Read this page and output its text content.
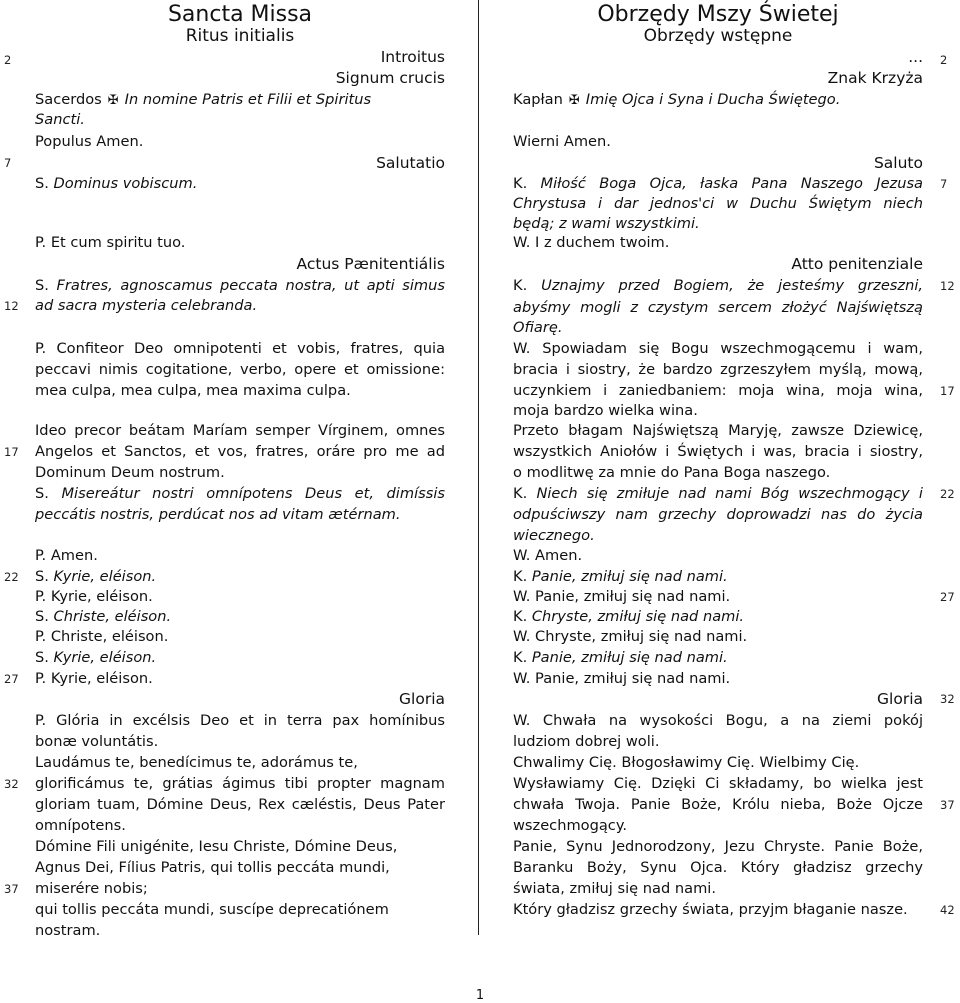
Sancta Missa
Ritus initialis
Introitus
Signum crucis
Sacerdos ✠ In nomine Patris et Filii et Spiritus
Sancti.
Populus Amen.
Salutatio
S. Dominus vobiscum.
P. Et cum spiritu tuo.
Actus Pænitentiális
S. Fratres, agnoscamus peccata nostra, ut apti simus
ad sacra mysteria celebranda.
P. Confiteor Deo omnipotenti et vobis, fratres, quia
peccavi nimis cogitatione, verbo, opere et omissione:
mea culpa, mea culpa, mea maxima culpa.
Ideo precor beátam Maríam semper Vírginem, omnes
Angelos et Sanctos, et vos, fratres, oráre pro me ad
Dominum Deum nostrum.
S. Misereátur nostri omnípotens Deus et, dimíssis
peccátis nostris, perdúcat nos ad vitam ætérnam.
P. Amen.
S. Kyrie, eléison.
P. Kyrie, eléison.
S. Christe, eléison.
P. Christe, eléison.
S. Kyrie, eléison.
P. Kyrie, eléison.
Gloria
P. Glória in excélsis Deo et in terra pax homínibus
bonæ voluntátis.
Laudámus te, benedícimus te, adorámus te,
glorificámus te, grátias ágimus tibi propter magnam
gloriam tuam, Dómine Deus, Rex cæléstis, Deus Pater
omnípotens.
Dómine Fili unigénite, Iesu Christe, Dómine Deus,
Agnus Dei, Fílius Patris, qui tollis peccáta mundi,
miserére nobis;
qui tollis peccáta mundi, suscípe deprecatiónem
nostram.
Obrzędy Mszy Świetej
Obrzędy wstępne
...
Znak Krzyża
Kapłan ✠ Imię Ojca i Syna i Ducha Świętego.
Wierni Amen.
Saluto
K. Miłość Boga Ojca, łaska Pana Naszego Jezusa
Chrystusa i dar jednos'ci w Duchu Świętym niech
będą; z wami wszystkimi.
W. I z duchem twoim.
Atto penitenziale
K. Uznajmy przed Bogiem, że jesteśmy grzeszni,
abyśmy mogli z czystym sercem złożyć Najświętszą
Ofiarę.
W. Spowiadam się Bogu wszechmogącemu i wam,
bracia i siostry, że bardzo zgrzeszyłem myślą, mową,
uczynkiem i zaniedbaniem: moja wina, moja wina,
moja bardzo wielka wina.
Przeto błagam Najświętszą Maryję, zawsze Dziewicę,
wszystkich Aniołów i Świętych i was, bracia i siostry,
o modlitwę za mnie do Pana Boga naszego.
K. Niech się zmiłuje nad nami Bóg wszechmogący i
odpuściwszy nam grzechy doprowadzi nas do życia
wiecznego.
W. Amen.
K. Panie, zmiłuj się nad nami.
W. Panie, zmiłuj się nad nami.
K. Chryste, zmiłuj się nad nami.
W. Chryste, zmiłuj się nad nami.
K. Panie, zmiłuj się nad nami.
W. Panie, zmiłuj się nad nami.
Gloria
W. Chwała na wysokości Bogu, a na ziemi pokój
ludziom dobrej woli.
Chwalimy Cię. Błogosławimy Cię. Wielbimy Cię.
Wysławiamy Cię. Dzięki Ci składamy, bo wielka jest
chwała Twoja. Panie Boże, Królu nieba, Boże Ojcze
wszechmogący.
Panie, Synu Jednorodzony, Jezu Chryste. Panie Boże,
Baranku Boży, Synu Ojca. Który gładzisz grzechy
świata, zmiłuj się nad nami.
Który gładzisz grzechy świata, przyjm błaganie nasze.
2
7
12
17
22
27
32
37
2
7
12
17
22
27
32
37
42
1
